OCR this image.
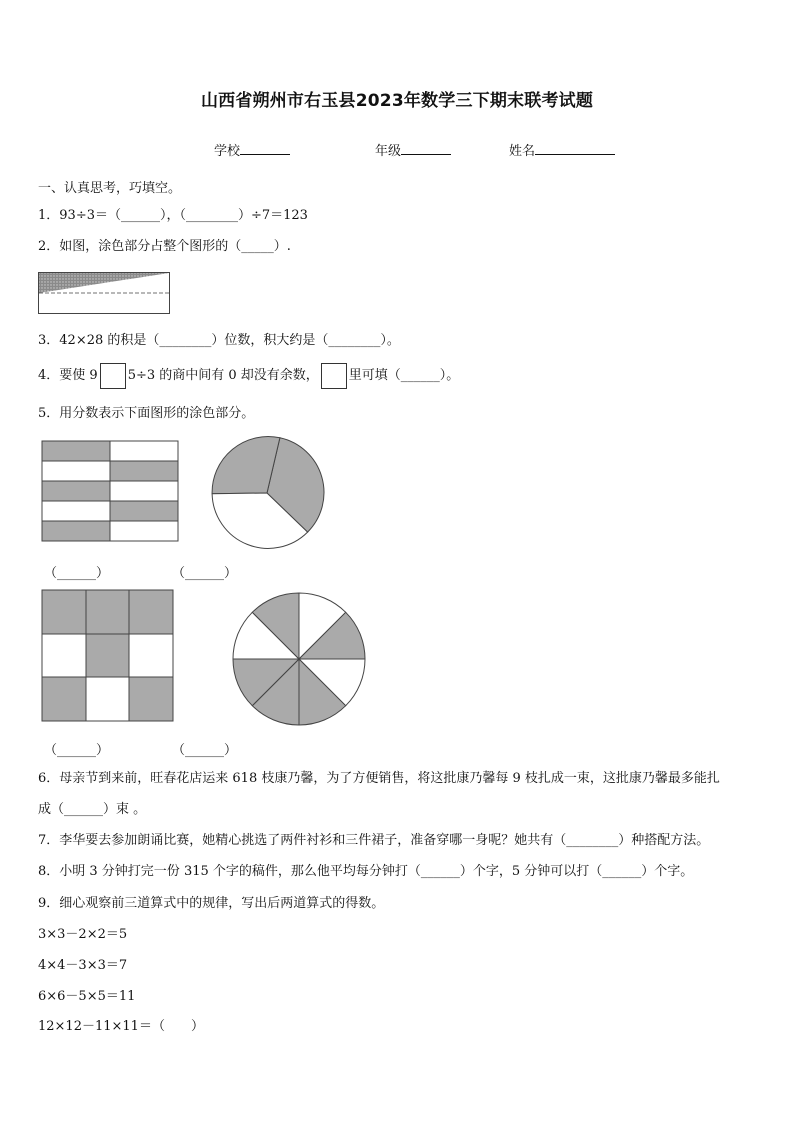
山西省朔州市右玉县2023年数学三下期末联考试题
学校	年级	姓名
一、认真思考，巧填空。
1．93÷3＝（______），（________）÷7＝123
2．如图，涂色部分占整个图形的（_____）.
3．42×28 的积是（________）位数，积大约是（________）。
4．要使 9 5÷3 的商中间有 0 却没有余数， 里可填（______）。
5．用分数表示下面图形的涂色部分。
（______）	（______）
（______）	（______）
6．母亲节到来前，旺春花店运来 618 枝康乃馨，为了方便销售，将这批康乃馨每 9 枝扎成一束，这批康乃馨最多能扎
成（______）束 。
7．李华要去参加朗诵比赛，她精心挑选了两件衬衫和三件裙子，准备穿哪一身呢？她共有（________）种搭配方法。
8．小明 3 分钟打完一份 315 个字的稿件，那么他平均每分钟打（______）个字，5 分钟可以打（______）个字。
9．细心观察前三道算式中的规律，写出后两道算式的得数。
3×3－2×2＝5
4×4－3×3＝7
6×6－5×5＝11
12×12－11×11＝（　　）
